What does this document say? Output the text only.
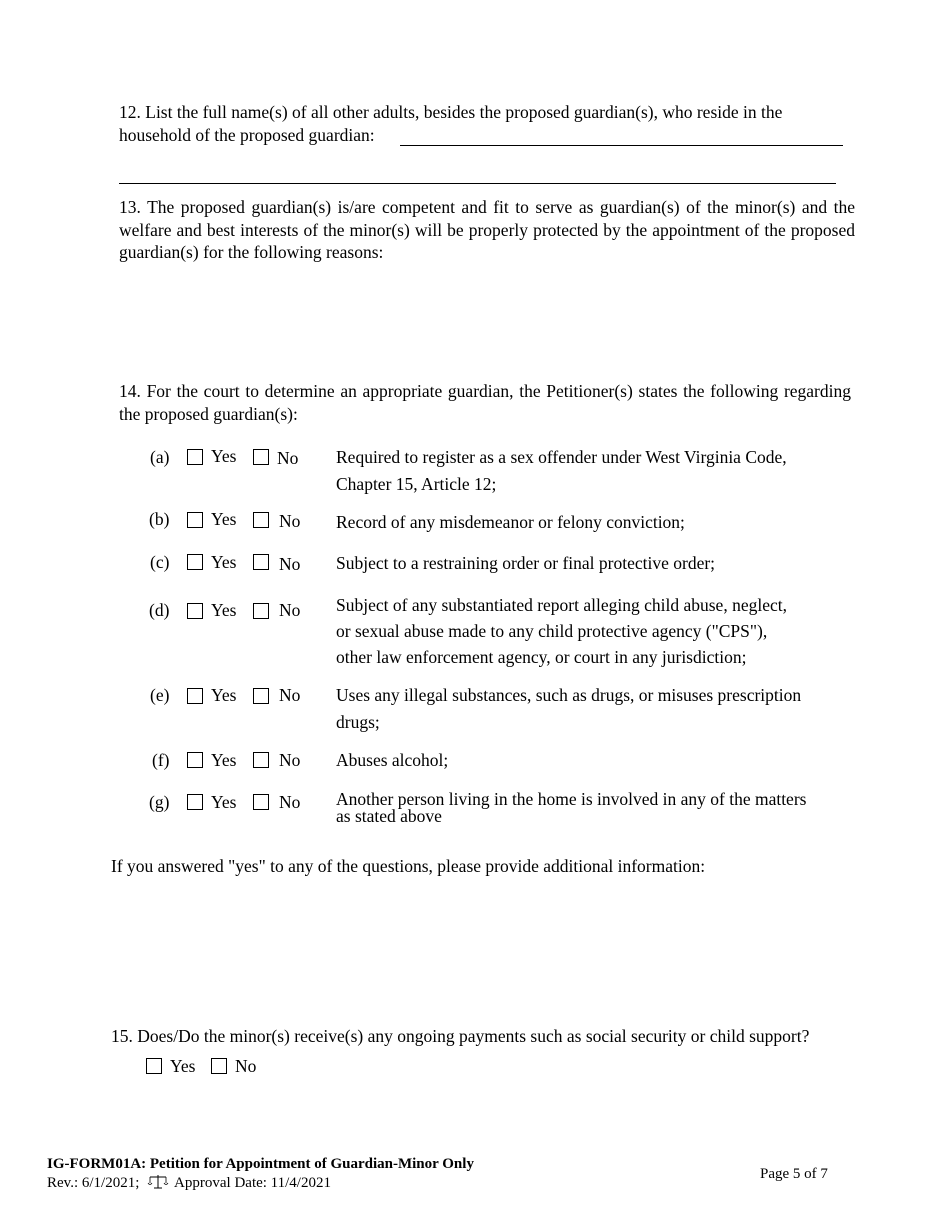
12. List the full name(s) of all other adults, besides the proposed guardian(s), who reside in the
household of the proposed guardian:
13. The proposed guardian(s) is/are competent and fit to serve as guardian(s) of the minor(s) and the welfare and best interests of the minor(s) will be properly protected by the appointment of the proposed guardian(s) for the following reasons:
14. For the court to determine an appropriate guardian, the Petitioner(s) states the following regarding the proposed guardian(s):
(a) Yes No Required to register as a sex offender under West Virginia Code,
Chapter 15, Article 12;
(b) Yes No Record of any misdemeanor or felony conviction;
(c) Yes No Subject to a restraining order or final protective order;
(d) Yes No Subject of any substantiated report alleging child abuse, neglect,
or sexual abuse made to any child protective agency ("CPS"),
other law enforcement agency, or court in any jurisdiction;
(e) Yes No Uses any illegal substances, such as drugs, or misuses prescription
drugs;
(f) Yes No Abuses alcohol;
(g) Yes No Another person living in the home is involved in any of the matters
as stated above
If you answered "yes" to any of the questions, please provide additional information:
15. Does/Do the minor(s) receive(s) any ongoing payments such as social security or child support?
Yes No
IG-FORM01A: Petition for Appointment of Guardian-Minor Only
Rev.: 6/1/2021; Approval Date: 11/4/2021
Page 5 of 7
